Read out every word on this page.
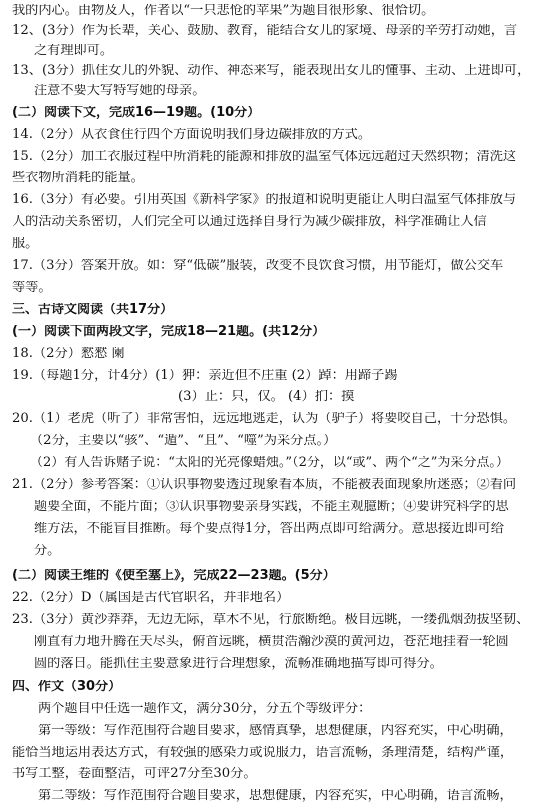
我的内心。由物及人，作者以“一只悲怆的苹果”为题目很形象、很恰切。
12、(3分）作为长辈，关心、鼓励、教育，能结合女儿的家境、母亲的辛劳打动她，言
之有理即可。
13、(3分）抓住女儿的外貌、动作、神态来写，能表现出女儿的懂事、主动、上进即可，
注意不要大写特写她的母亲。
(二）阅读下文，完成16—19题。(10分）
14.（2分）从衣食住行四个方面说明我们身边碳排放的方式。
15.（2分）加工衣服过程中所消耗的能源和排放的温室气体远远超过天然织物；清洗这
些衣物所消耗的能量。
16.（3分）有必要。引用英国《新科学家》的报道和说明更能让人明白温室气体排放与
人的活动关系密切，人们完全可以通过选择自身行为减少碳排放，科学准确让人信
服。
17.（3分）答案开放。如：穿“低碳”服装，改变不良饮食习惯，用节能灯，做公交车
等等。
三、古诗文阅读（共17分）
(一）阅读下面两段文字，完成18—21题。(共12分）
18.（2分）憖憖 阑
19.（每题1分，计4分）(1）狎：亲近但不庄重 (2）踔：用蹄子踢
(3）止：只，仅。 (4）扪：摸
20.（1）老虎（听了）非常害怕，远远地逃走，认为（驴子）将要咬自己，十分恐惧。
（2分，主要以“骇”、“遁”、“且”、“噬”为采分点。）
（2）有人告诉赌子说：“太阳的光亮像蜡烛。”（2分，以“或”、两个“之”为采分点。）
21.（2分）参考答案：①认识事物要透过现象看本质，不能被表面现象所迷惑；②看问
题要全面，不能片面；③认识事物要亲身实践，不能主观臆断；④要讲究科学的思
维方法，不能盲目推断。每个要点得1分，答出两点即可给满分。意思接近即可给
分。
(二）阅读王维的《使至塞上》，完成22—23题。(5分）
22.（2分）D（属国是古代官职名，并非地名）
23.（3分）黄沙莽莽，无边无际，草木不见，行旅断绝。极目远眺，一缕孤烟劲拔坚韧、
刚直有力地升腾在天尽头，俯首远眺，横贯浩瀚沙漠的黄河边，苍茫地挂着一轮圆
圆的落日。能抓住主要意象进行合理想象，流畅准确地描写即可得分。
四、作文（30分）
两个题目中任选一题作文，满分30分，分五个等级评分：
第一等级：写作范围符合题目要求，感情真挚，思想健康，内容充实，中心明确，
能恰当地运用表达方式，有较强的感染力或说服力，语言流畅，条理清楚，结构严谨，
书写工整，卷面整洁，可评27分至30分。
第二等级：写作范围符合题目要求，思想健康，内容充实，中心明确，语言流畅，
